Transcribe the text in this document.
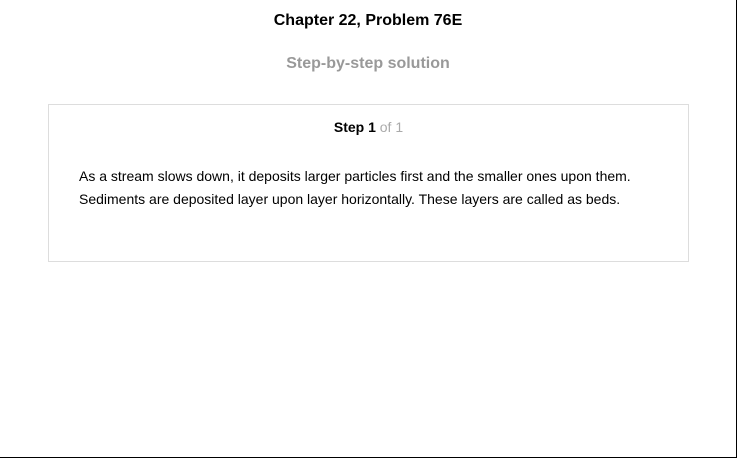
Chapter 22, Problem 76E
Step-by-step solution
Step 1 of 1

As a stream slows down, it deposits larger particles first and the smaller ones upon them.

Sediments are deposited layer upon layer horizontally. These layers are called as beds.
